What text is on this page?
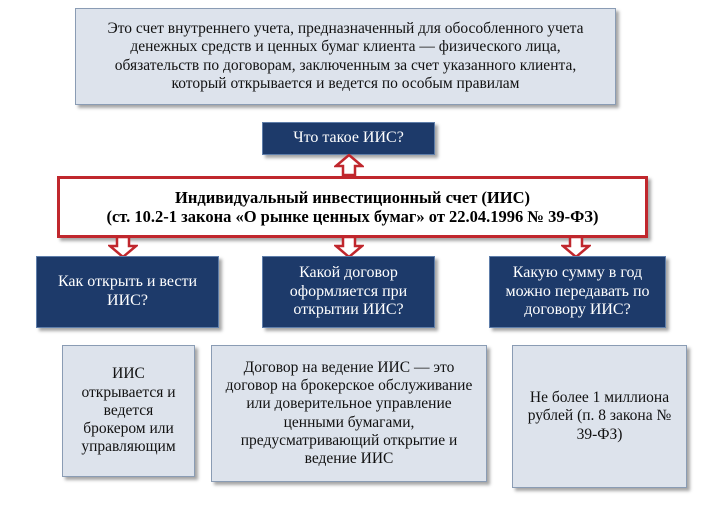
Это счет внутреннего учета, предназначенный для обособленного учета денежных средств и ценных бумаг клиента — физического лица, обязательств по договорам, заключенным за счет указанного клиента, который открывается и ведется по особым правилам
Что такое ИИС?
Индивидуальный инвестиционный счет (ИИС)
(ст. 10.2-1 закона «О рынке ценных бумаг» от 22.04.1996 № 39-ФЗ)
Как открыть и вести ИИС?
Какой договор оформляется при открытии ИИС?
Какую сумму в год можно передавать по договору ИИС?
ИИС открывается и ведется брокером или управляющим
Договор на ведение ИИС — это договор на брокерское обслуживание или доверительное управление ценными бумагами, предусматривающий открытие и ведение ИИС
Не более 1 миллиона рублей (п. 8 закона № 39-ФЗ)
